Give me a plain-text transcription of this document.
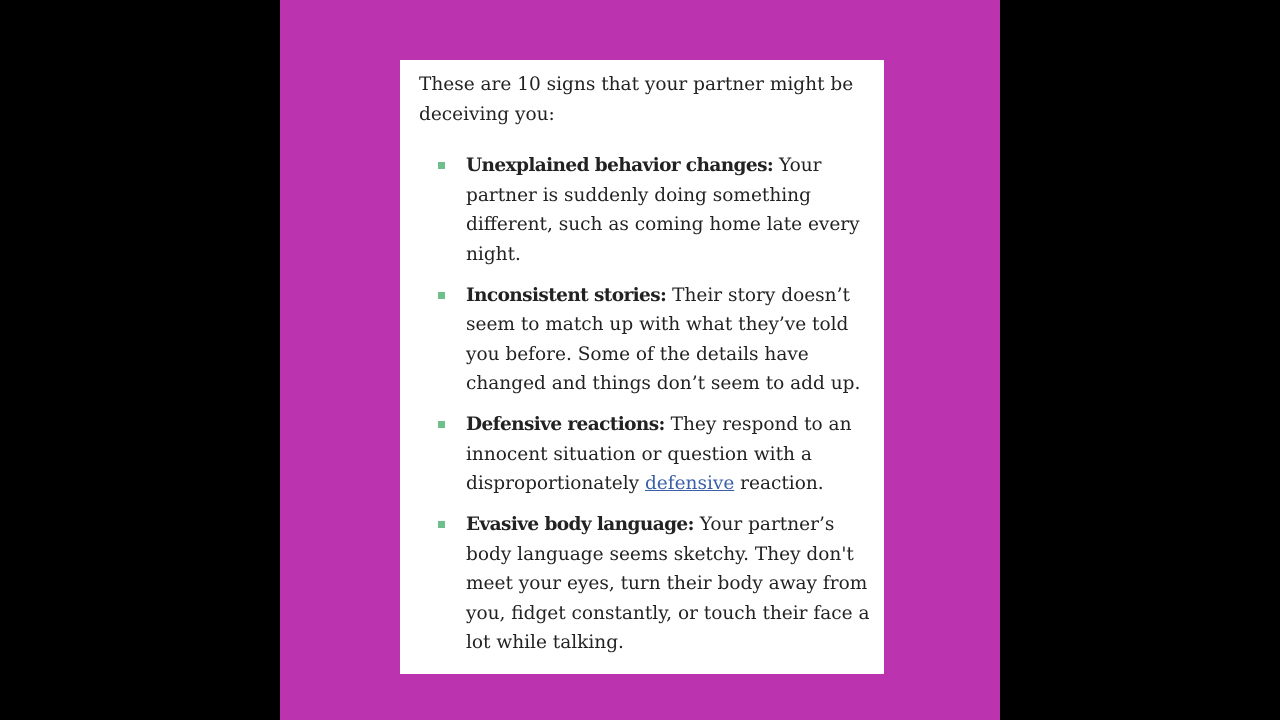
These are 10 signs that your partner might be deceiving you:

Unexplained behavior changes: Your partner is suddenly doing something different, such as coming home late every night.
Inconsistent stories: Their story doesn’t seem to match up with what they’ve told you before. Some of the details have changed and things don’t seem to add up.
Defensive reactions: They respond to an innocent situation or question with a disproportionately defensive reaction.
Evasive body language: Your partner’s body language seems sketchy. They don't meet your eyes, turn their body away from you, fidget constantly, or touch their face a lot while talking.
